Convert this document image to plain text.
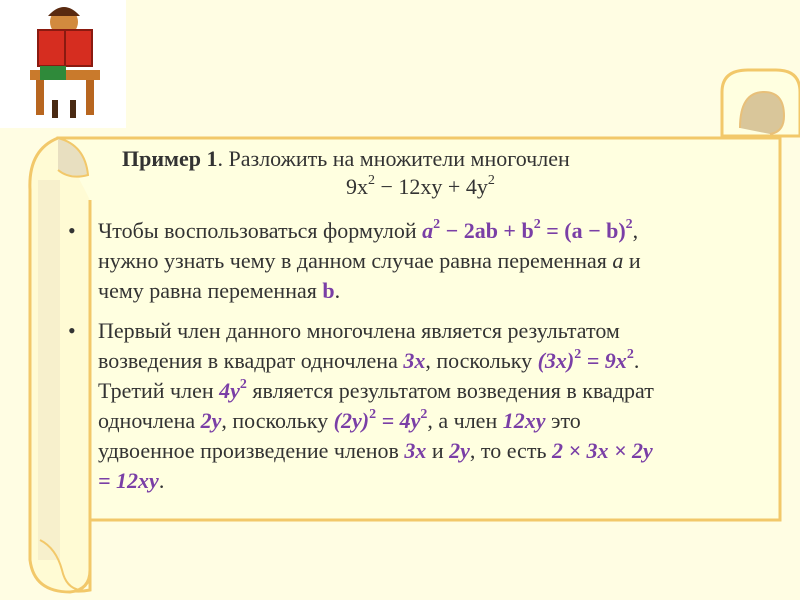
Пример 1. Разложить на множители многочлен
$9x^2 - 12xy + 4y^2$
• Чтобы воспользоваться формулой $a^2 - 2ab + b^2 = (a - b)^2$,
нужно узнать чему в данном случае равна переменная a и
чему равна переменная b.
• Первый член данного многочлена является результатом
возведения в квадрат одночлена 3x, поскольку $(3x)^2 = 9x^2$.
Третий член $4y^2$ является результатом возведения в квадрат
одночлена 2y, поскольку $(2y)^2 = 4y^2$, а член 12xy это
удвоенное произведение членов 3x и 2y, то есть 2 × 3x × 2y
= 12xy.
